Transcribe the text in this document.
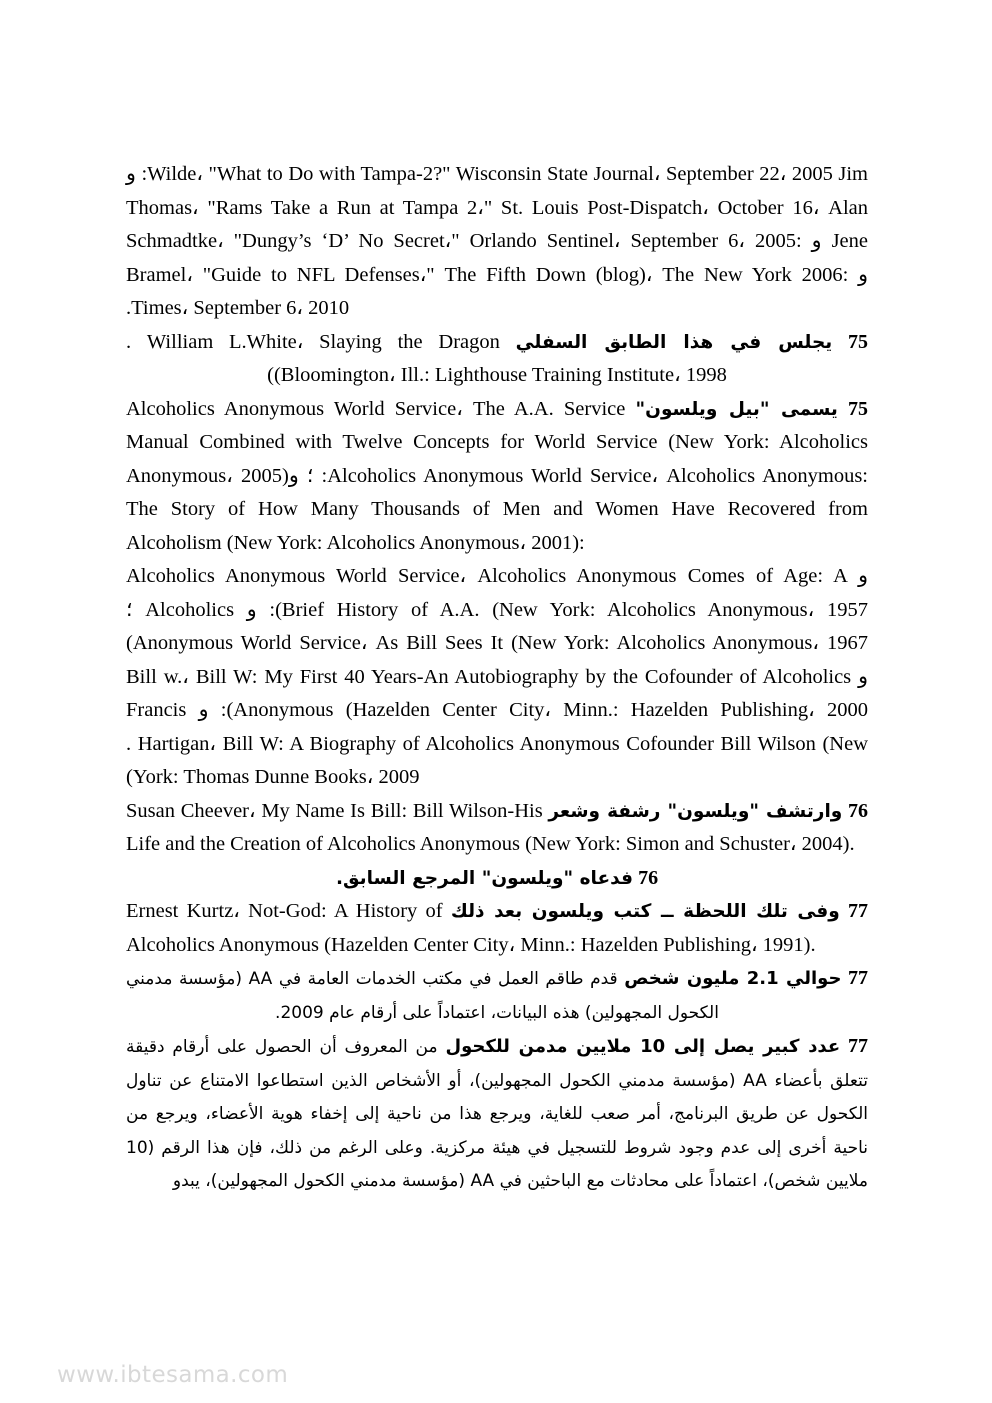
و :Wilde، "What to Do with Tampa-2?" Wisconsin State Journal، September 22، 2005 Jim Thomas، "Rams Take a Run at Tampa 2،" St. Louis Post-Dispatch، October 16، Alan Schmadtke، "Dungy’s ‘D’ No Secret،" Orlando Sentinel، September 6، و :2005 Jene Bramel، "Guide to NFL Defenses،" The Fifth Down (blog)، The New York و :2006 .Times، September 6، 2010
75 يجلس في هذا الطابق السفلي William L.White، Slaying the Dragon .((Bloomington، Ill.: Lighthouse Training Institute، 1998
75 يسمى "بيل ويلسون" Alcoholics Anonymous World Service، The A.A. Service Manual Combined with Twelve Concepts for World Service (New York: Alcoholics Anonymous، 2005)؛ و :Alcoholics Anonymous World Service، Alcoholics Anonymous: The Story of How Many Thousands of Men and Women Have Recovered from Alcoholism (New York: Alcoholics Anonymous، 2001):
Alcoholics Anonymous World Service، Alcoholics Anonymous Comes of Age: A و Alcoholics و :(Brief History of A.A. (New York: Alcoholics Anonymous، 1957 ؛(Anonymous World Service، As Bill Sees It (New York: Alcoholics Anonymous، 1967 Bill w.، Bill W: My First 40 Years-An Autobiography by the Cofounder of Alcoholics و Francis و :(Anonymous (Hazelden Center City، Minn.: Hazelden Publishing، 2000 Hartigan، Bill W: A Biography of Alcoholics Anonymous Cofounder Bill Wilson (New .(York: Thomas Dunne Books، 2009
76 وارتشف "ويلسون" رشفة وشعر Susan Cheever، My Name Is Bill: Bill Wilson-His Life and the Creation of Alcoholics Anonymous (New York: Simon and Schuster، 2004).
76 فدعاه "ويلسون" المرجع السابق.
77 وفى تلك اللحظة ــ كتب ويلسون بعد ذلك Ernest Kurtz، Not-God: A History of Alcoholics Anonymous (Hazelden Center City، Minn.: Hazelden Publishing، 1991).
77 حوالي 2.1 مليون شخص قدم طاقم العمل في مكتب الخدمات العامة في AA (مؤسسة مدمني الكحول المجهولين) هذه البيانات، اعتماداً على أرقام عام 2009.
77 عدد كبير يصل إلى 10 ملايين مدمن للكحول من المعروف أن الحصول على أرقام دقيقة تتعلق بأعضاء AA (مؤسسة مدمني الكحول المجهولين)، أو الأشخاص الذين استطاعوا الامتناع عن تناول الكحول عن طريق البرنامج، أمر صعب للغاية، ويرجع هذا من ناحية إلى إخفاء هوية الأعضاء، ويرجع من ناحية أخرى إلى عدم وجود شروط للتسجيل في هيئة مركزية. وعلى الرغم من ذلك، فإن هذا الرقم (10 ملايين شخص)، اعتماداً على محادثات مع الباحثين في AA (مؤسسة مدمني الكحول المجهولين)، يبدو
www.ibtesama.com
